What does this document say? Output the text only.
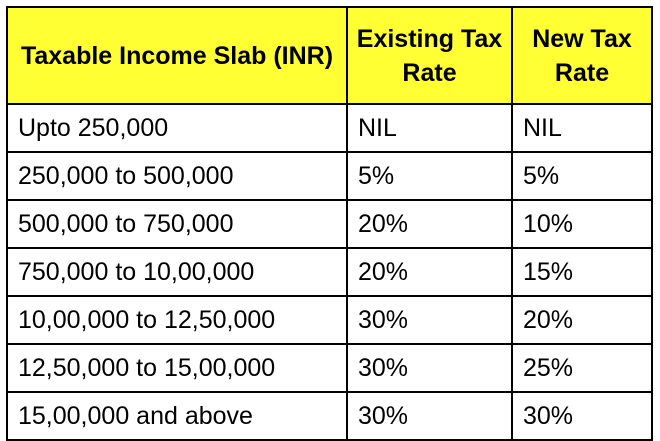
Taxable Income Slab (INR)	Existing Tax Rate	New Tax Rate
Upto 250,000	NIL	NIL
250,000 to 500,000	5%	5%
500,000 to 750,000	20%	10%
750,000 to 10,00,000	20%	15%
10,00,000 to 12,50,000	30%	20%
12,50,000 to 15,00,000	30%	25%
15,00,000 and above	30%	30%
